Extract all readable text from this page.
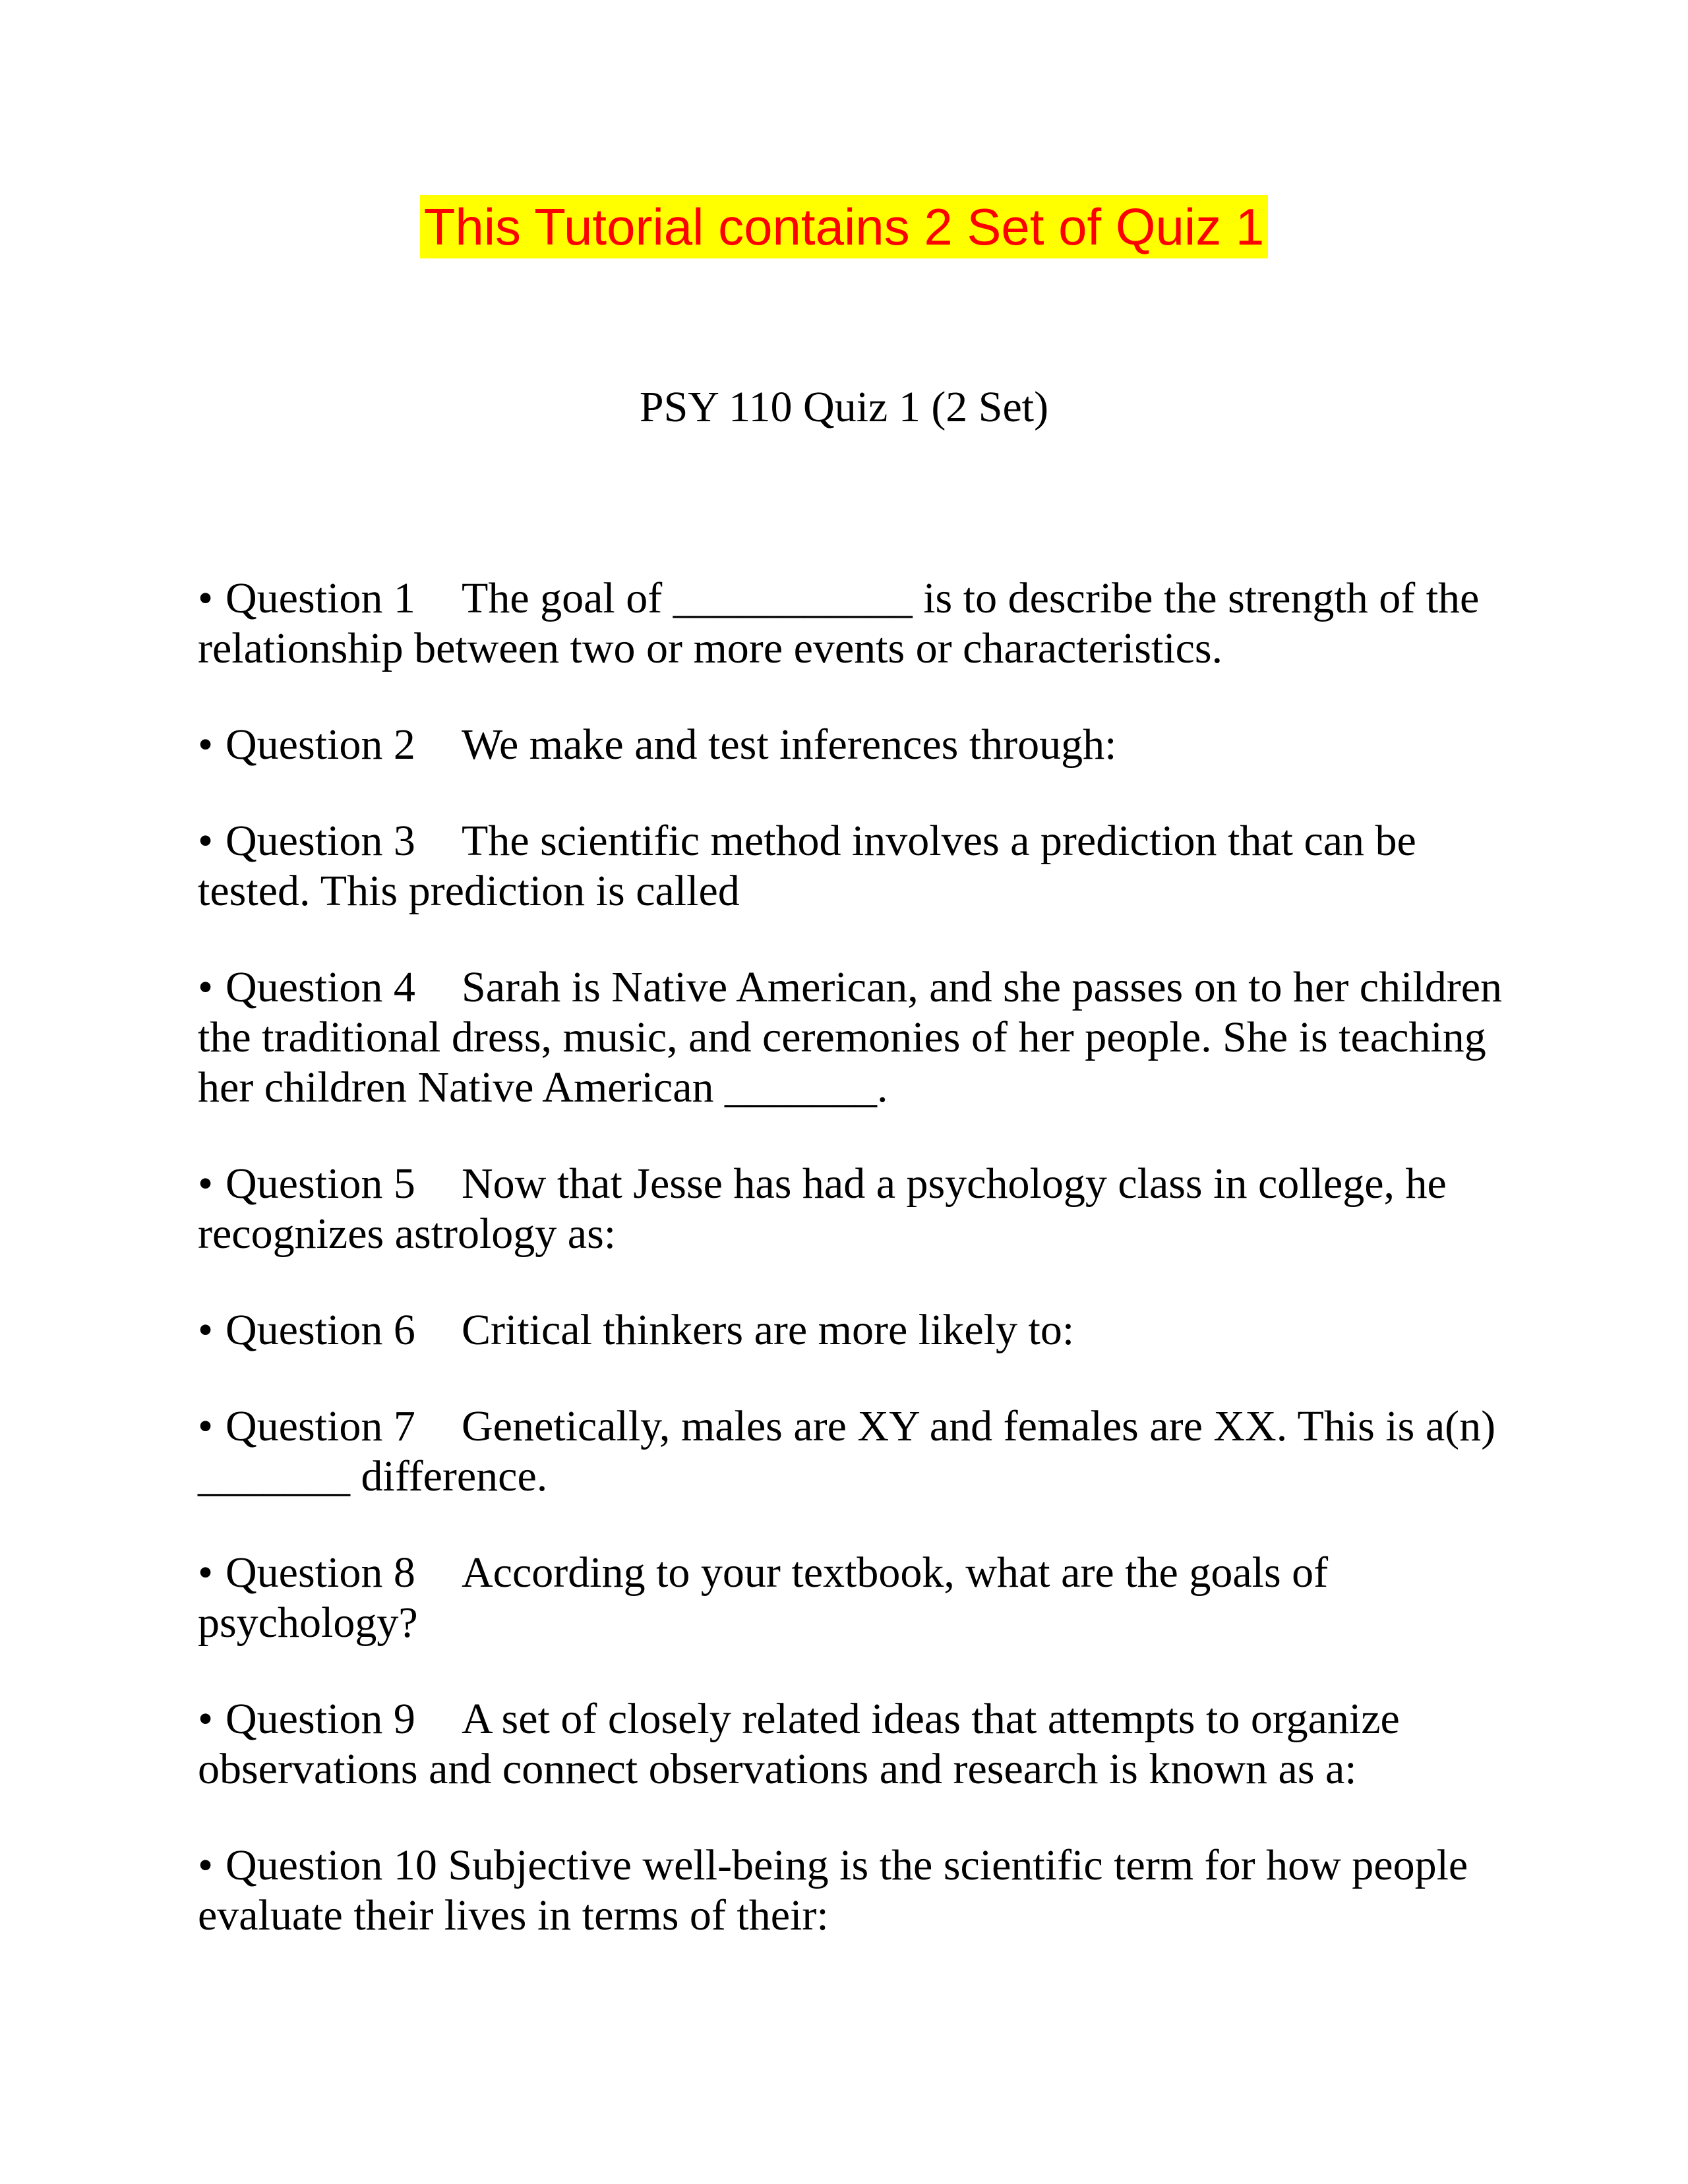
This Tutorial contains 2 Set of Quiz 1
PSY 110 Quiz 1 (2 Set)
• Question 1 The goal of ___________ is to describe the strength of the relationship between two or more events or characteristics.
• Question 2 We make and test inferences through:
• Question 3 The scientific method involves a prediction that can be tested. This prediction is called
• Question 4 Sarah is Native American, and she passes on to her children the traditional dress, music, and ceremonies of her people. She is teaching her children Native American _______.
• Question 5 Now that Jesse has had a psychology class in college, he recognizes astrology as:
• Question 6 Critical thinkers are more likely to:
• Question 7 Genetically, males are XY and females are XX. This is a(n) _______ difference.
• Question 8 According to your textbook, what are the goals of psychology?
• Question 9 A set of closely related ideas that attempts to organize observations and connect observations and research is known as a:
• Question 10 Subjective well-being is the scientific term for how people evaluate their lives in terms of their:
